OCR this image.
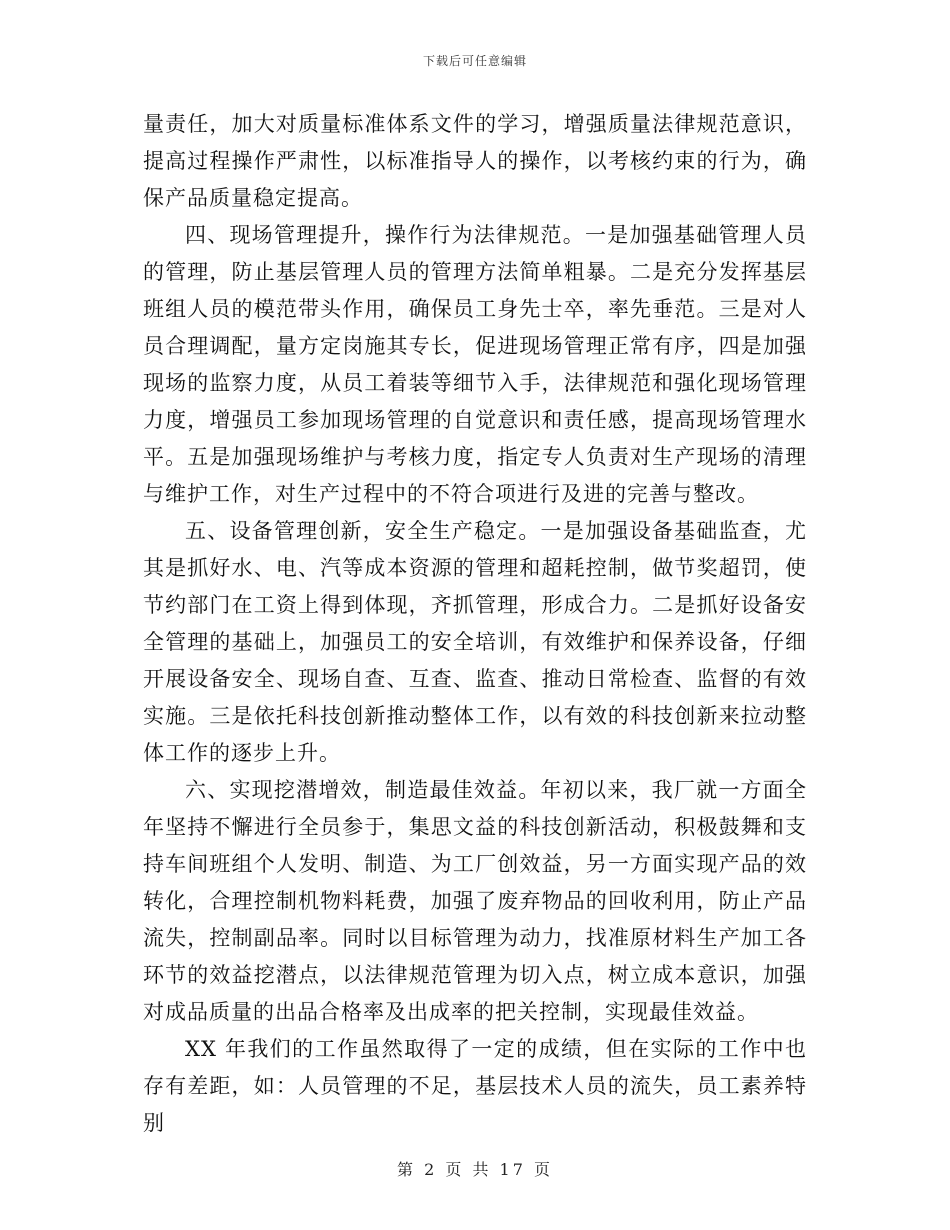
下载后可任意编辑

量责任，加大对质量标准体系文件的学习，增强质量法律规范意识，提高过程操作严肃性，以标准指导人的操作，以考核约束的行为，确保产品质量稳定提高。

四、现场管理提升，操作行为法律规范。一是加强基础管理人员的管理，防止基层管理人员的管理方法简单粗暴。二是充分发挥基层班组人员的模范带头作用，确保员工身先士卒，率先垂范。三是对人员合理调配，量方定岗施其专长，促进现场管理正常有序，四是加强现场的监察力度，从员工着装等细节入手，法律规范和强化现场管理力度，增强员工参加现场管理的自觉意识和责任感，提高现场管理水平。五是加强现场维护与考核力度，指定专人负责对生产现场的清理与维护工作，对生产过程中的不符合项进行及进的完善与整改。

五、设备管理创新，安全生产稳定。一是加强设备基础监查，尤其是抓好水、电、汽等成本资源的管理和超耗控制，做节奖超罚，使节约部门在工资上得到体现，齐抓管理，形成合力。二是抓好设备安全管理的基础上，加强员工的安全培训，有效维护和保养设备，仔细开展设备安全、现场自查、互查、监查、推动日常检查、监督的有效实施。三是依托科技创新推动整体工作，以有效的科技创新来拉动整体工作的逐步上升。

六、实现挖潜增效，制造最佳效益。年初以来，我厂就一方面全年坚持不懈进行全员参于，集思文益的科技创新活动，积极鼓舞和支持车间班组个人发明、制造、为工厂创效益，另一方面实现产品的效转化，合理控制机物料耗费，加强了废弃物品的回收利用，防止产品流失，控制副品率。同时以目标管理为动力，找准原材料生产加工各环节的效益挖潜点，以法律规范管理为切入点，树立成本意识，加强对成品质量的出品合格率及出成率的把关控制，实现最佳效益。

XX 年我们的工作虽然取得了一定的成绩，但在实际的工作中也存有差距，如：人员管理的不足，基层技术人员的流失，员工素养特别

第 2 页 共 17 页
